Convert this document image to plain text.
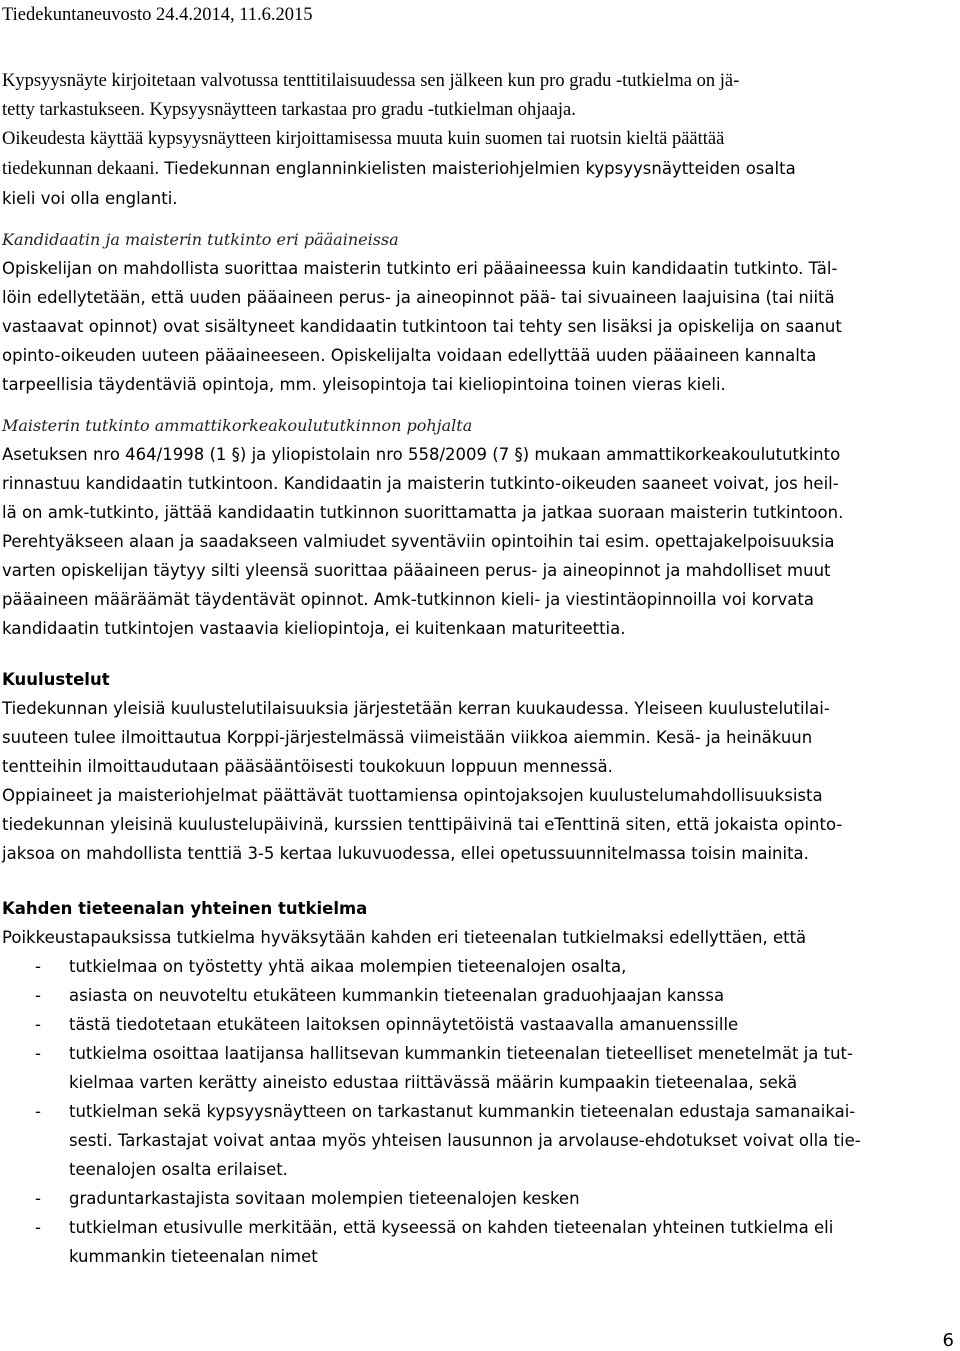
Tiedekuntaneuvosto 24.4.2014, 11.6.2015
Kypsyysnäyte kirjoitetaan valvotussa tenttitilaisuudessa sen jälkeen kun pro gradu -tutkielma on jä-
tetty tarkastukseen. Kypsyysnäytteen tarkastaa pro gradu -tutkielman ohjaaja.
Oikeudesta käyttää kypsyysnäytteen kirjoittamisessa muuta kuin suomen tai ruotsin kieltä päättää
tiedekunnan dekaani. Tiedekunnan englanninkielisten maisteriohjelmien kypsyysnäytteiden osalta
kieli voi olla englanti.
Kandidaatin ja maisterin tutkinto eri pääaineissa
Opiskelijan on mahdollista suorittaa maisterin tutkinto eri pääaineessa kuin kandidaatin tutkinto. Täl-
löin edellytetään, että uuden pääaineen perus- ja aineopinnot pää- tai sivuaineen laajuisina (tai niitä
vastaavat opinnot) ovat sisältyneet kandidaatin tutkintoon tai tehty sen lisäksi ja opiskelija on saanut
opinto-oikeuden uuteen pääaineeseen. Opiskelijalta voidaan edellyttää uuden pääaineen kannalta
tarpeellisia täydentäviä opintoja, mm. yleisopintoja tai kieliopintoina toinen vieras kieli.
Maisterin tutkinto ammattikorkeakoulututkinnon pohjalta
Asetuksen nro 464/1998 (1 §) ja yliopistolain nro 558/2009 (7 §) mukaan ammattikorkeakoulututkinto
rinnastuu kandidaatin tutkintoon. Kandidaatin ja maisterin tutkinto-oikeuden saaneet voivat, jos heil-
lä on amk-tutkinto, jättää kandidaatin tutkinnon suorittamatta ja jatkaa suoraan maisterin tutkintoon.
Perehtyäkseen alaan ja saadakseen valmiudet syventäviin opintoihin tai esim. opettajakelpoisuuksia
varten opiskelijan täytyy silti yleensä suorittaa pääaineen perus- ja aineopinnot ja mahdolliset muut
pääaineen määräämät täydentävät opinnot. Amk-tutkinnon kieli- ja viestintäopinnoilla voi korvata
kandidaatin tutkintojen vastaavia kieliopintoja, ei kuitenkaan maturiteettia.
Kuulustelut
Tiedekunnan yleisiä kuulustelutilaisuuksia järjestetään kerran kuukaudessa. Yleiseen kuulustelutilai-
suuteen tulee ilmoittautua Korppi-järjestelmässä viimeistään viikkoa aiemmin. Kesä- ja heinäkuun
tentteihin ilmoittaudutaan pääsääntöisesti toukokuun loppuun mennessä.
Oppiaineet ja maisteriohjelmat päättävät tuottamiensa opintojaksojen kuulustelumahdollisuuksista
tiedekunnan yleisinä kuulustelupäivinä, kurssien tenttipäivinä tai eTenttinä siten, että jokaista opinto-
jaksoa on mahdollista tenttiä 3-5 kertaa lukuvuodessa, ellei opetussuunnitelmassa toisin mainita.
Kahden tieteenalan yhteinen tutkielma
Poikkeustapauksissa tutkielma hyväksytään kahden eri tieteenalan tutkielmaksi edellyttäen, että
- tutkielmaa on työstetty yhtä aikaa molempien tieteenalojen osalta,
- asiasta on neuvoteltu etukäteen kummankin tieteenalan graduohjaajan kanssa
- tästä tiedotetaan etukäteen laitoksen opinnäytetöistä vastaavalla amanuenssille
- tutkielma osoittaa laatijansa hallitsevan kummankin tieteenalan tieteelliset menetelmät ja tut-
kielmaa varten kerätty aineisto edustaa riittävässä määrin kumpaakin tieteenalaa, sekä
- tutkielman sekä kypsyysnäytteen on tarkastanut kummankin tieteenalan edustaja samanaikai-
sesti. Tarkastajat voivat antaa myös yhteisen lausunnon ja arvolause-ehdotukset voivat olla tie-
teenalojen osalta erilaiset.
- graduntarkastajista sovitaan molempien tieteenalojen kesken
- tutkielman etusivulle merkitään, että kyseessä on kahden tieteenalan yhteinen tutkielma eli
kummankin tieteenalan nimet
6
